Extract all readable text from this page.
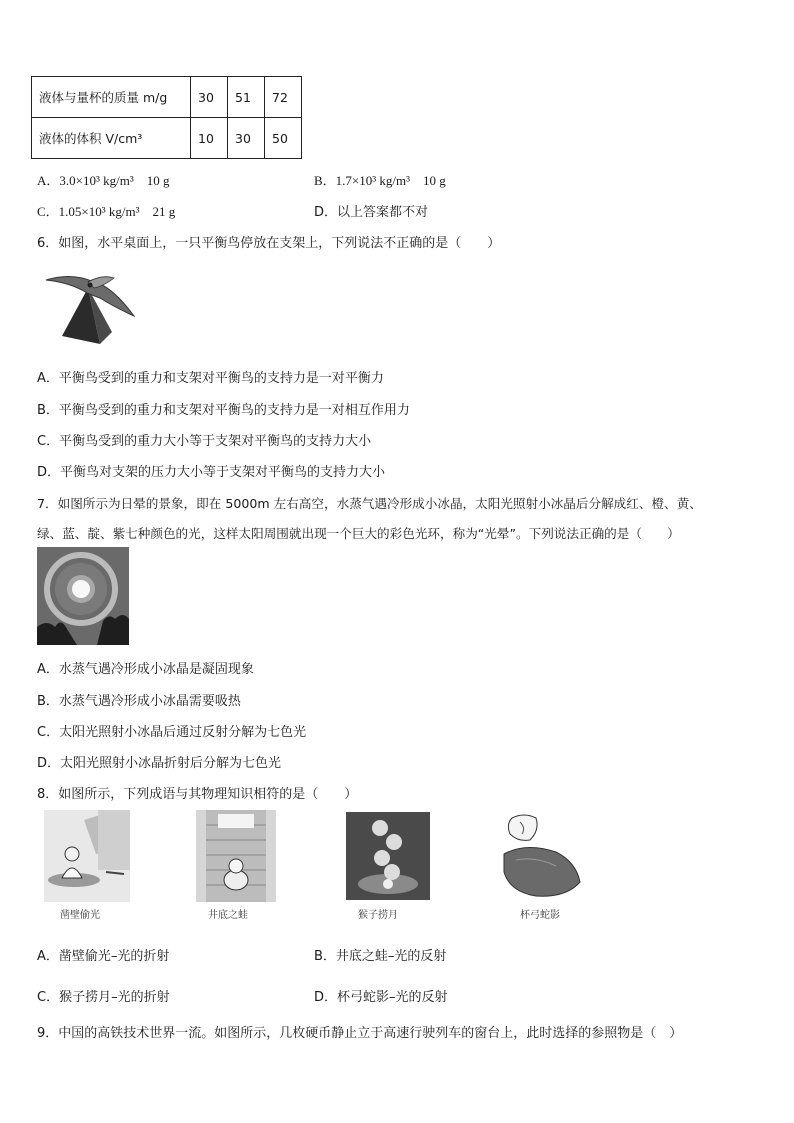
液体与量杯的质量 m/g	30	51	72
液体的体积 V/cm³	10	30	50
A．3.0×10³ kg/m³　10 g	B．1.7×10³ kg/m³　10 g
C．1.05×10³ kg/m³　21 g	D．以上答案都不对
6．如图，水平桌面上，一只平衡鸟停放在支架上，下列说法不正确的是（　　）
A．平衡鸟受到的重力和支架对平衡鸟的支持力是一对平衡力
B．平衡鸟受到的重力和支架对平衡鸟的支持力是一对相互作用力
C．平衡鸟受到的重力大小等于支架对平衡鸟的支持力大小
D．平衡鸟对支架的压力大小等于支架对平衡鸟的支持力大小
7．如图所示为日晕的景象，即在 5000m 左右高空，水蒸气遇冷形成小冰晶，太阳光照射小冰晶后分解成红、橙、黄、
绿、蓝、靛、紫七种颜色的光，这样太阳周围就出现一个巨大的彩色光环，称为“光晕”。下列说法正确的是（　　）
A．水蒸气遇冷形成小冰晶是凝固现象
B．水蒸气遇冷形成小冰晶需要吸热
C．太阳光照射小冰晶后通过反射分解为七色光
D．太阳光照射小冰晶折射后分解为七色光
8．如图所示，下列成语与其物理知识相符的是（　　）
凿壁偷光	井底之蛙	猴子捞月	杯弓蛇影
A．凿壁偷光–光的折射	B．井底之蛙–光的反射
C．猴子捞月–光的折射	D．杯弓蛇影–光的反射
9．中国的高铁技术世界一流。如图所示，几枚硬币静止立于高速行驶列车的窗台上，此时选择的参照物是（　）
